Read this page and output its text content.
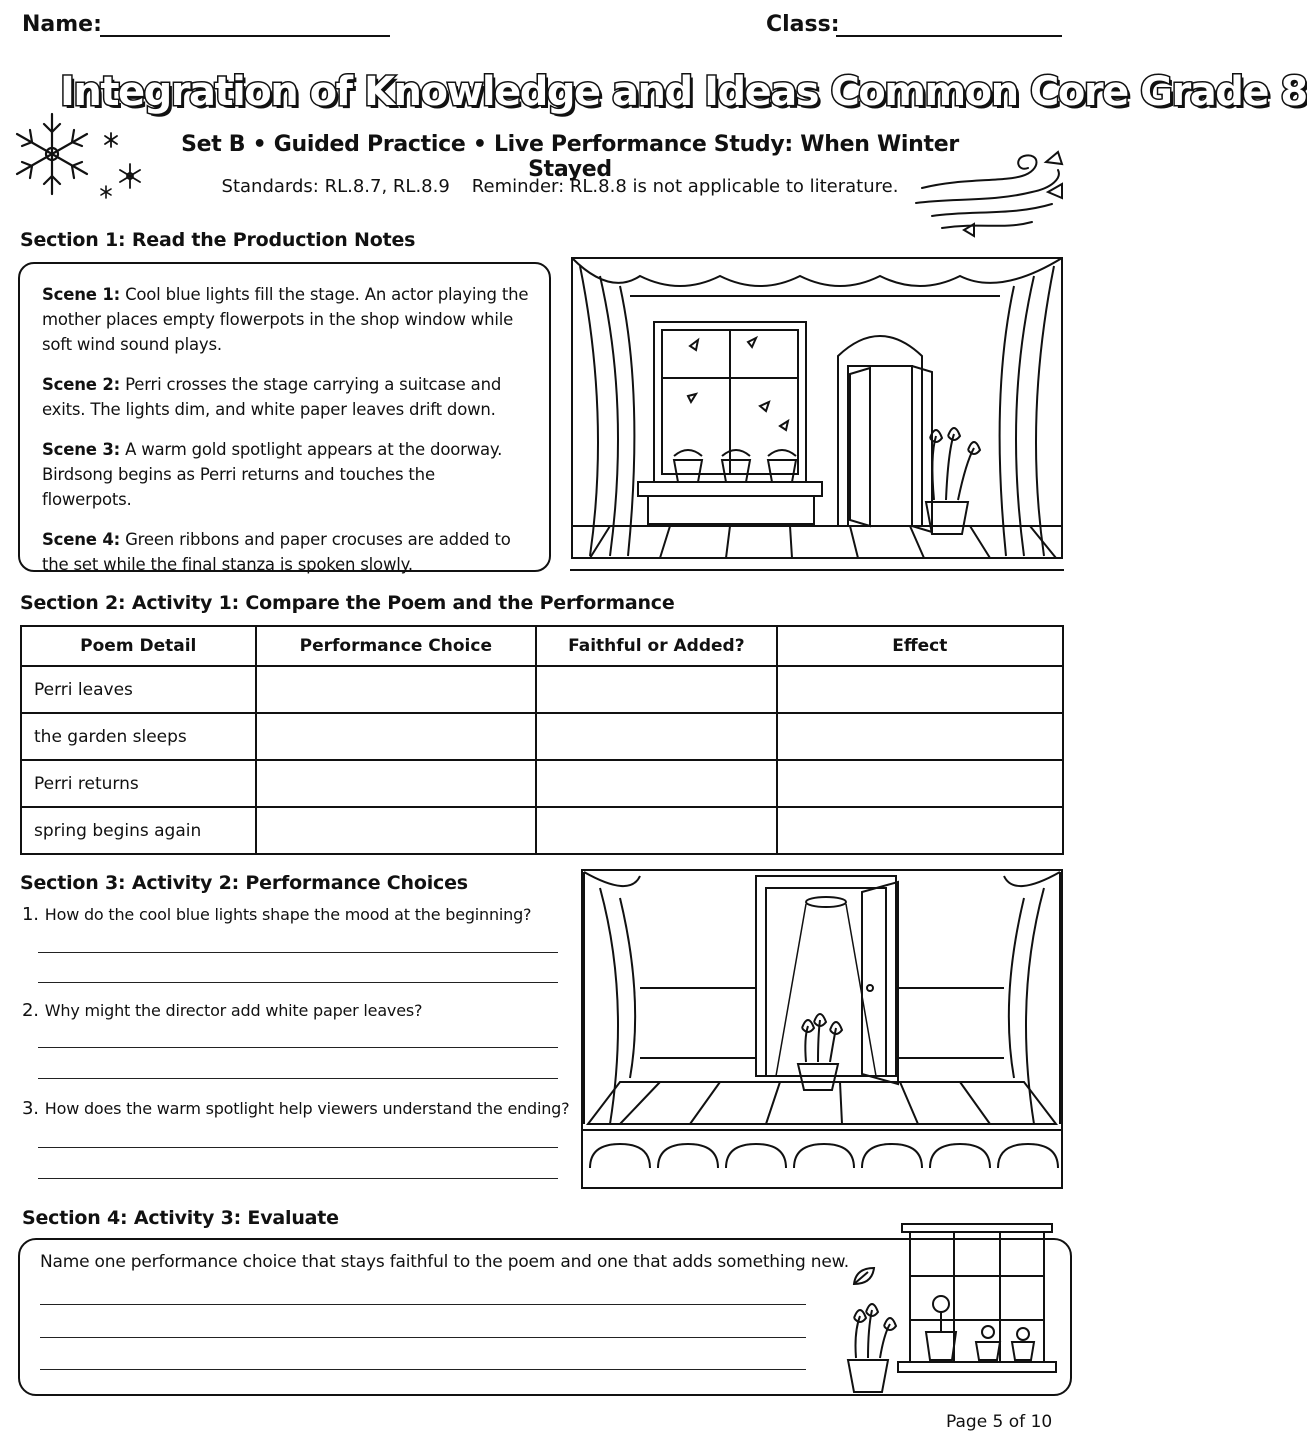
Name:	Class:
Integration of Knowledge and Ideas Common Core Grade 8
Set B • Guided Practice • Live Performance Study: When Winter Stayed
Standards: RL.8.7, RL.8.9 Reminder: RL.8.8 is not applicable to literature.
Section 1: Read the Production Notes

Scene 1: Cool blue lights fill the stage. An actor playing the mother places empty flowerpots in the shop window while soft wind sound plays.

Scene 2: Perri crosses the stage carrying a suitcase and exits. The lights dim, and white paper leaves drift down.

Scene 3: A warm gold spotlight appears at the doorway. Birdsong begins as Perri returns and touches the flowerpots.

Scene 4: Green ribbons and paper crocuses are added to the set while the final stanza is spoken slowly.

Section 2: Activity 1: Compare the Poem and the Performance
Poem Detail	Performance Choice	Faithful or Added?	Effect
Perri leaves			
the garden sleeps			
Perri returns			
spring begins again			
Section 3: Activity 2: Performance Choices
1. How do the cool blue lights shape the mood at the beginning?
2. Why might the director add white paper leaves?
3. How does the warm spotlight help viewers understand the ending?
Section 4: Activity 3: Evaluate
Name one performance choice that stays faithful to the poem and one that adds something new.
Page 5 of 10
